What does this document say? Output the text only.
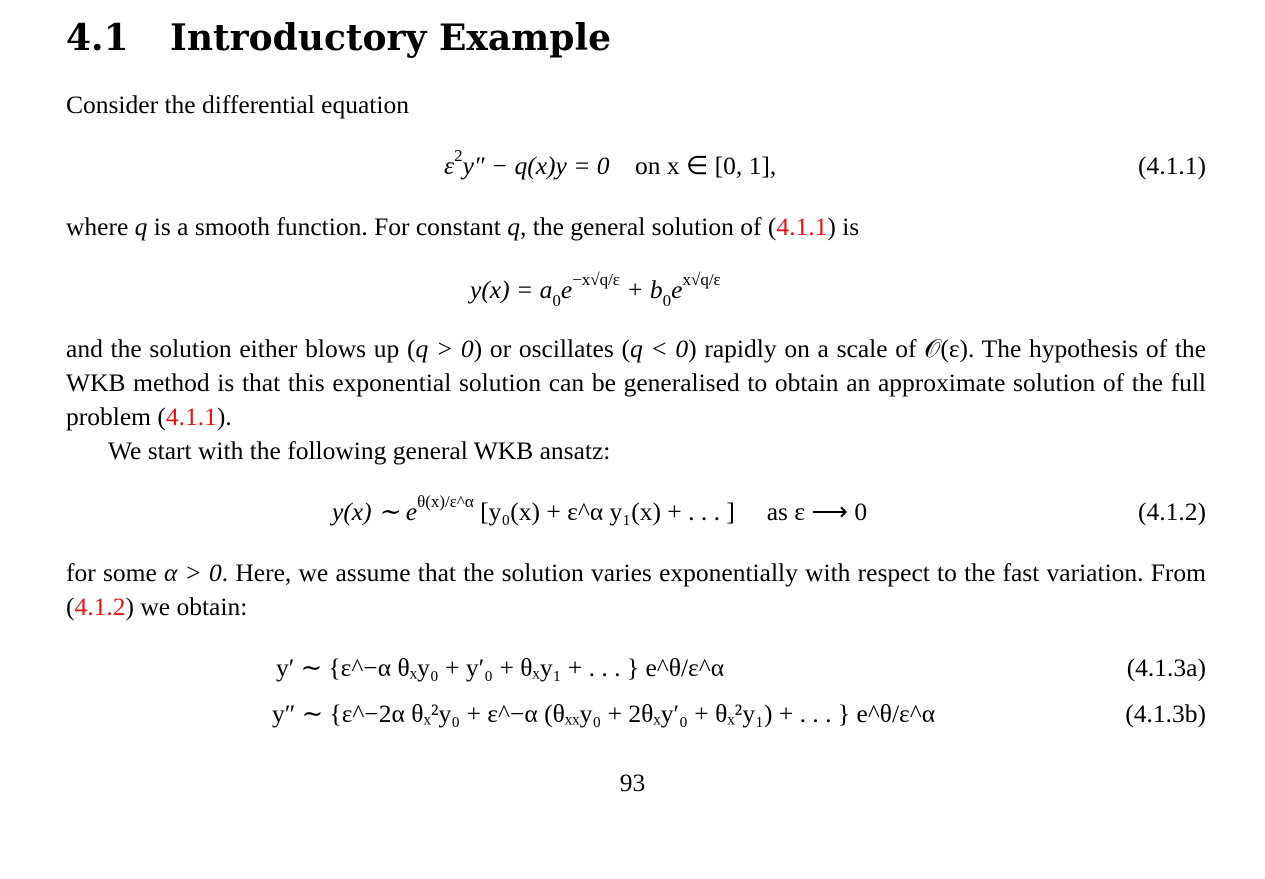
4.1 Introductory Example
Consider the differential equation
$\varepsilon^2y'' - q(x)y = 0$ on x ∈ [0, 1],	(4.1.1)
where q is a smooth function. For constant q, the general solution of (4.1.1) is
$y(x) = a_0e^{-x√q/\varepsilon} + b_0e^{x√q/\varepsilon}$
and the solution either blows up (q > 0) or oscillates (q < 0) rapidly on a scale of 𝒪(ε). The hypothesis of the WKB method is that this exponential solution can be generalised to obtain an approximate solution of the full problem (4.1.1).
We start with the following general WKB ansatz:
y(x) ∼ $e^{\theta(x)/\varepsilon\^{}\alpha}$ [y₀(x) + ε^α y₁(x) + . . . ] as ε ⟶ 0	(4.1.2)
for some α > 0. Here, we assume that the solution varies exponentially with respect to the fast variation. From (4.1.2) we obtain:
y′ ∼ {ε^−α θₓy₀ + y′₀ + θₓy₁ + . . . } e^θ/ε^α	(4.1.3a)
y″ ∼ {ε^−2α θₓ²y₀ + ε^−α (θₓₓy₀ + 2θₓy′₀ + θₓ²y₁) + . . . } e^θ/ε^α	(4.1.3b)
93
